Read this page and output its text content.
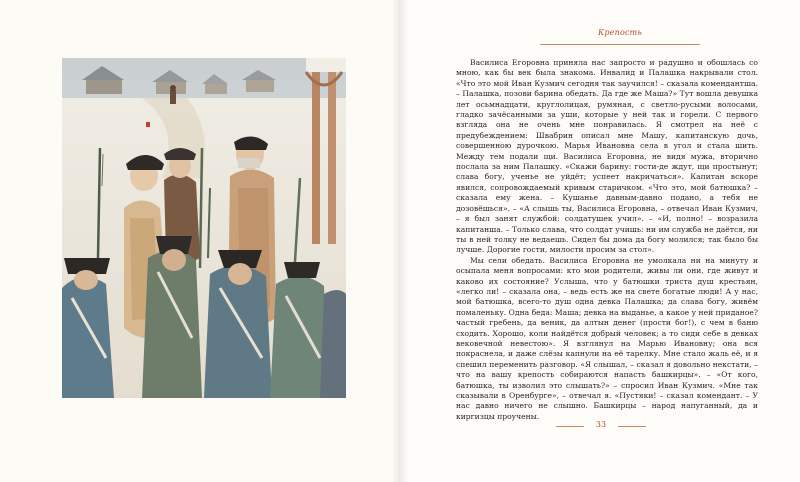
Крепость

Василиса Егоровна приняла нас запросто и радушно и обошлась со мною, как бы век была знакома. Инвалид и Палашка накрывали стол. «Что это мой Иван Кузмич сегодня так заучился! – сказала комендантша. – Палашка, позови барина обедать. Да где же Маша?» Тут вошла девушка лет осьмнадцати, круглолицая, румяная, с светло-русыми волосами, гладко зачёсанными за уши, которые у ней так и горели. С первого взгляда она не очень мне понравилась. Я смотрел на неё с предубеждением: Швабрин описал мне Машу, капитанскую дочь, совершенною дурочкою. Марья Ивановна села в угол и стала шить. Между тем подали щи. Василиса Егоровна, не видя мужа, вторично послала за ним Палашку. «Скажи барину: гости-де ждут, щи простынут; слава богу, ученье не уйдёт; успеет накричаться». Капитан вскоре явился, сопровождаемый кривым старичком. «Что это, мой батюшка? – сказала ему жена. – Кушанье давным-давно подано, а тебя не дозовёшься». – «А слышь ты, Василиса Егоровна, – отвечал Иван Кузмич, – я был занят службой: солдатушек учил». – «И, полно! – возразила капитанша. – Только слава, что солдат учишь: ни им служба не даётся, ни ты в ней толку не ведаешь. Сидел бы дома да богу молился; так было бы лучше. Дорогие гости, милости просим за стол».

Мы сели обедать. Василиса Егоровна не умолкала ни на минуту и осыпала меня вопросами: кто мои родители, живы ли они, где живут и каково их состояние? Услыша, что у батюшки триста душ крестьян, «легко ли! – сказала она, – ведь есть же на свете богатые люди! А у нас, мой батюшка, всего-то душ одна девка Палашка; да слава богу, живём помаленьку. Одна беда: Маша; девка на выданье, а какое у ней приданое? частый гребень, да веник, да алтын денег (прости бог!), с чем в баню сходить. Хорошо, коли найдётся добрый человек; а то сиди себе в девках вековечной невестою». Я взглянул на Марью Ивановну; она вся покраснела, и даже слёзы капнули на её тарелку. Мне стало жаль её, и я спешил переменить разговор. «Я слышал, – сказал я довольно некстати, – что на вашу крепость собираются напасть башкирцы». – «От кого, батюшка, ты изволил это слышать?» – спросил Иван Кузмич. «Мне так сказывали в Оренбурге», – отвечал я. «Пустяки! – сказал комендант. – У нас давно ничего не слышно. Башкирцы – народ напуганный, да и киргизцы проучены.

33
